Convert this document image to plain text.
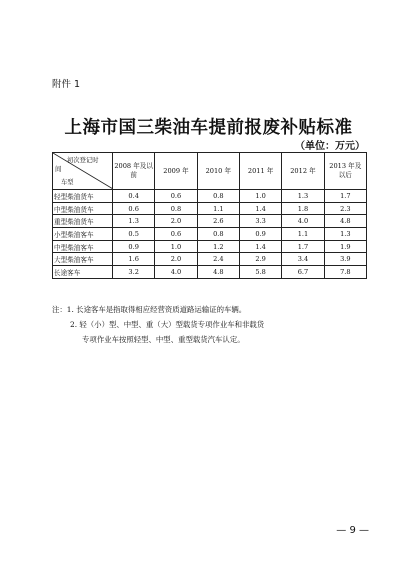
附件 1
上海市国三柴油车提前报废补贴标准
（单位：万元）
初次登记时
间
车型	2008 年及以前	2009 年	2010 年	2011 年	2012 年	2013 年及以后
轻型柴油货车	0.4	0.6	0.8	1.0	1.3	1.7
中型柴油货车	0.6	0.8	1.1	1.4	1.8	2.3
重型柴油货车	1.3	2.0	2.6	3.3	4.0	4.8
小型柴油客车	0.5	0.6	0.8	0.9	1.1	1.3
中型柴油客车	0.9	1.0	1.2	1.4	1.7	1.9
大型柴油客车	1.6	2.0	2.4	2.9	3.4	3.9
长途客车	3.2	4.0	4.8	5.8	6.7	7.8
注：1. 长途客车是指取得相应经营资质道路运输证的车辆。
2. 轻（小）型、中型、重（大）型载货专项作业车和非载货
专项作业车按照轻型、中型、重型载货汽车认定。
— 9 —
